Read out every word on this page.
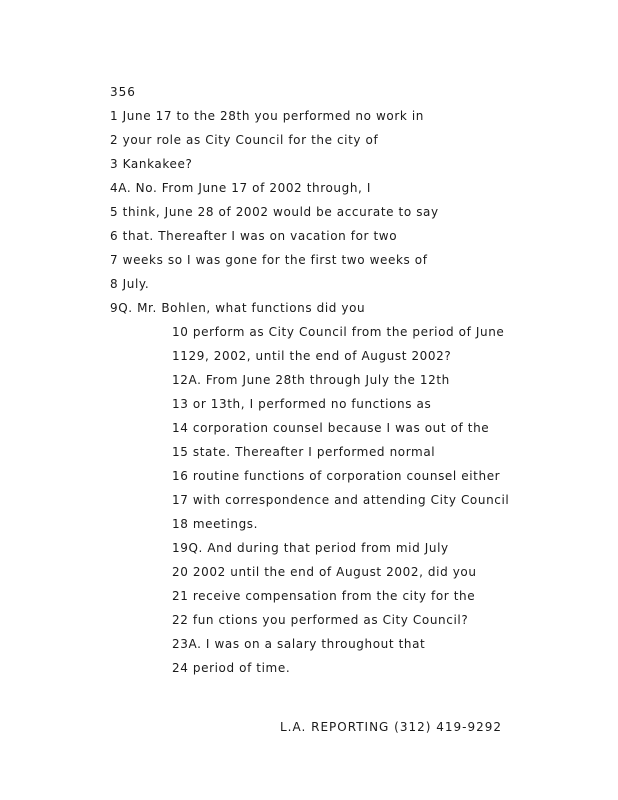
356
1 June 17 to the 28th you performed no work in
2 your role as City Council for the city of
3 Kankakee?
4A. No. From June 17 of 2002 through, I
5 think, June 28 of 2002 would be accurate to say
6 that. Thereafter I was on vacation for two
7 weeks so I was gone for the first two weeks of
8 July.
9Q. Mr. Bohlen, what functions did you
10 perform as City Council from the period of June
1129, 2002, until the end of August 2002?
12A. From June 28th through July the 12th
13 or 13th, I performed no functions as
14 corporation counsel because I was out of the
15 state. Thereafter I performed normal
16 routine functions of corporation counsel either
17 with correspondence and attending City Council
18 meetings.
19Q. And during that period from mid July
20 2002 until the end of August 2002, did you
21 receive compensation from the city for the
22 fun ctions you performed as City Council?
23A. I was on a salary throughout that
24 period of time.
L.A. REPORTING (312) 419-9292
